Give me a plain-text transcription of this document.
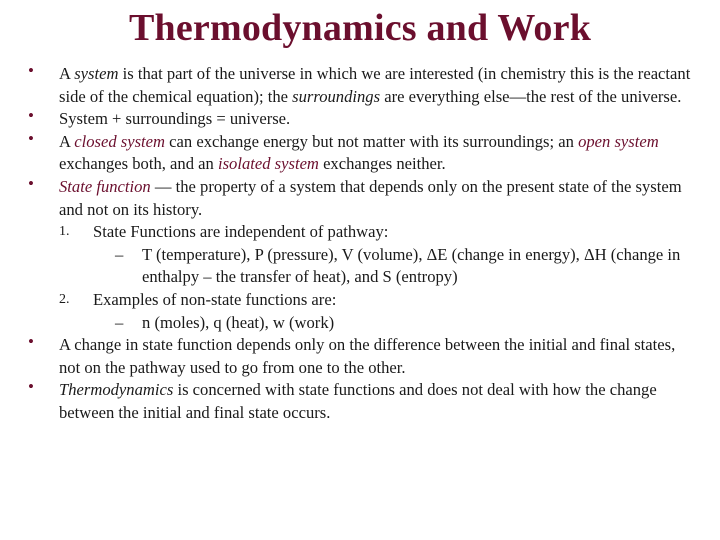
Thermodynamics and Work
• A system is that part of the universe in which we are interested (in chemistry this is the reactant side of the chemical equation); the surroundings are everything else—the rest of the universe.
• System + surroundings = universe.
• A closed system can exchange energy but not matter with its surroundings; an open system exchanges both, and an isolated system exchanges neither.
• State function — the property of a system that depends only on the present state of the system and not on its history.
1. State Functions are independent of pathway:
– T (temperature), P (pressure), V (volume), ΔE (change in energy), ΔH (change in enthalpy – the transfer of heat), and S (entropy)
2. Examples of non-state functions are:
– n (moles), q (heat), w (work)
• A change in state function depends only on the difference between the initial and final states, not on the pathway used to go from one to the other.
• Thermodynamics is concerned with state functions and does not deal with how the change between the initial and final state occurs.
